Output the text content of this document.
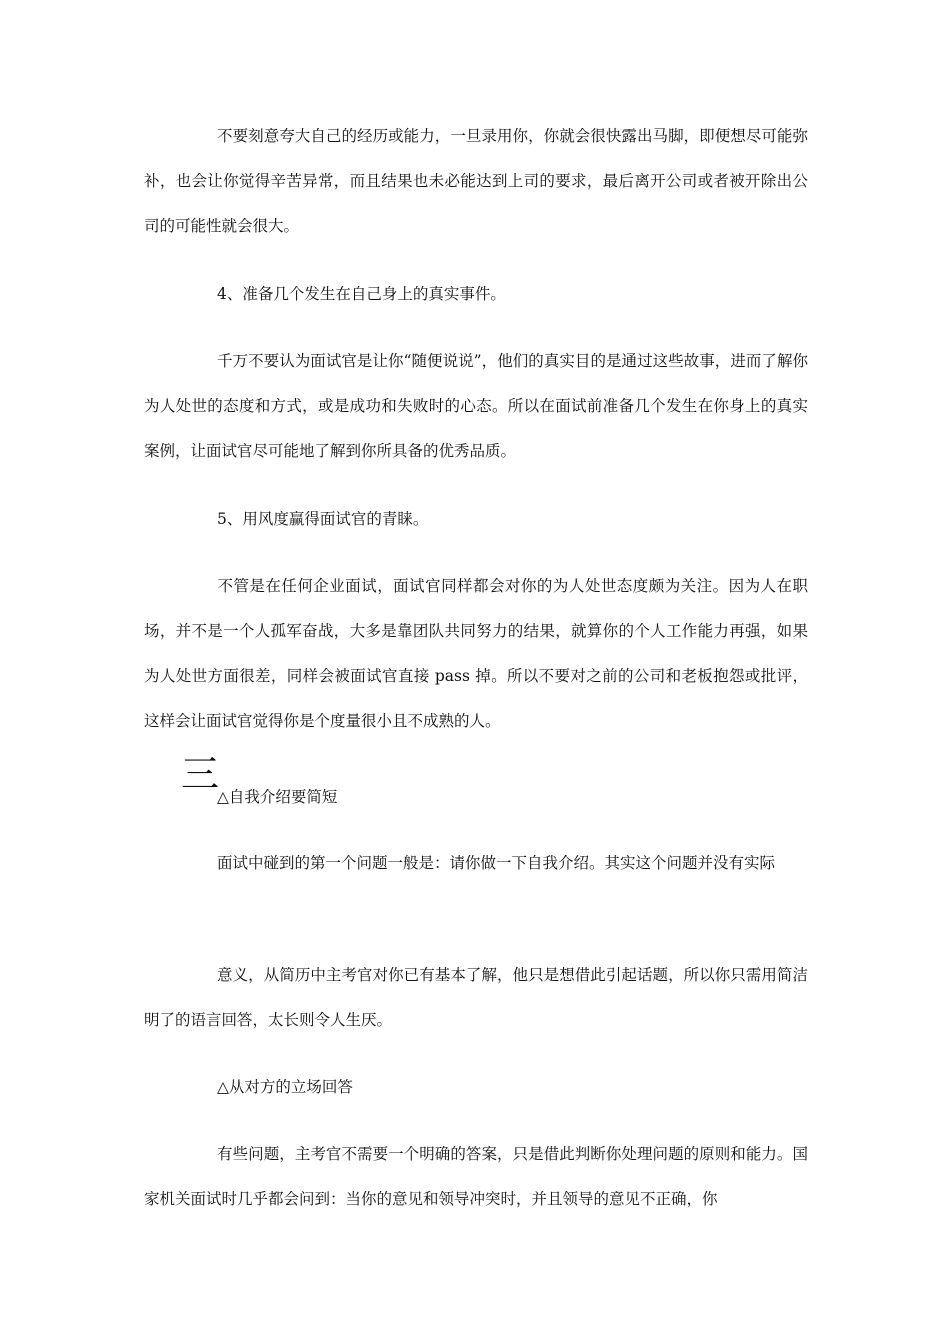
不要刻意夸大自己的经历或能力，一旦录用你，你就会很快露出马脚，即便想尽可能弥补，也会让你觉得辛苦异常，而且结果也未必能达到上司的要求，最后离开公司或者被开除出公司的可能性就会很大。

4、准备几个发生在自己身上的真实事件。

千万不要认为面试官是让你“随便说说”，他们的真实目的是通过这些故事，进而了解你为人处世的态度和方式，或是成功和失败时的心态。所以在面试前准备几个发生在你身上的真实案例，让面试官尽可能地了解到你所具备的优秀品质。

5、用风度赢得面试官的青睐。

不管是在任何企业面试，面试官同样都会对你的为人处世态度颇为关注。因为人在职场，并不是一个人孤军奋战，大多是靠团队共同努力的结果，就算你的个人工作能力再强，如果为人处世方面很差，同样会被面试官直接 pass 掉。所以不要对之前的公司和老板抱怨或批评，这样会让面试官觉得你是个度量很小且不成熟的人。

三

△自我介绍要简短

面试中碰到的第一个问题一般是：请你做一下自我介绍。其实这个问题并没有实际

意义，从简历中主考官对你已有基本了解，他只是想借此引起话题，所以你只需用简洁明了的语言回答，太长则令人生厌。

△从对方的立场回答

有些问题，主考官不需要一个明确的答案，只是借此判断你处理问题的原则和能力。国家机关面试时几乎都会问到：当你的意见和领导冲突时，并且领导的意见不正确，你
